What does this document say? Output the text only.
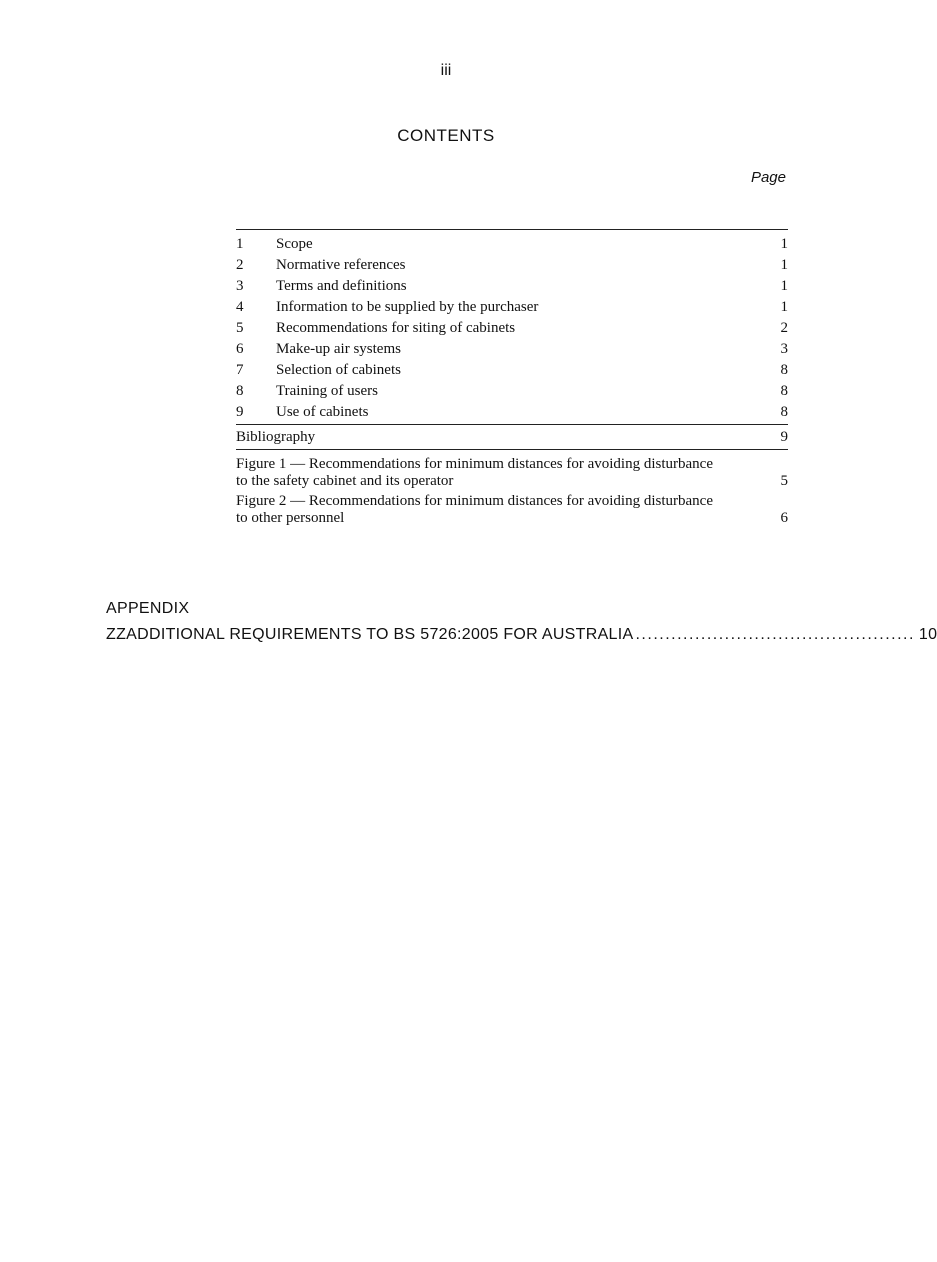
iii
CONTENTS
Page
1	Scope	1
2	Normative references	1
3	Terms and definitions	1
4	Information to be supplied by the purchaser	1
5	Recommendations for siting of cabinets	2
6	Make-up air systems	3
7	Selection of cabinets	8
8	Training of users	8
9	Use of cabinets	8
Bibliography	9
Figure 1 — Recommendations for minimum distances for avoiding disturbance
to the safety cabinet and its operator	5
Figure 2 — Recommendations for minimum distances for avoiding disturbance
to other personnel	6
APPENDIX
ZZ ADDITIONAL REQUIREMENTS TO BS 5726:2005 FOR AUSTRALIA ............................................... 10
